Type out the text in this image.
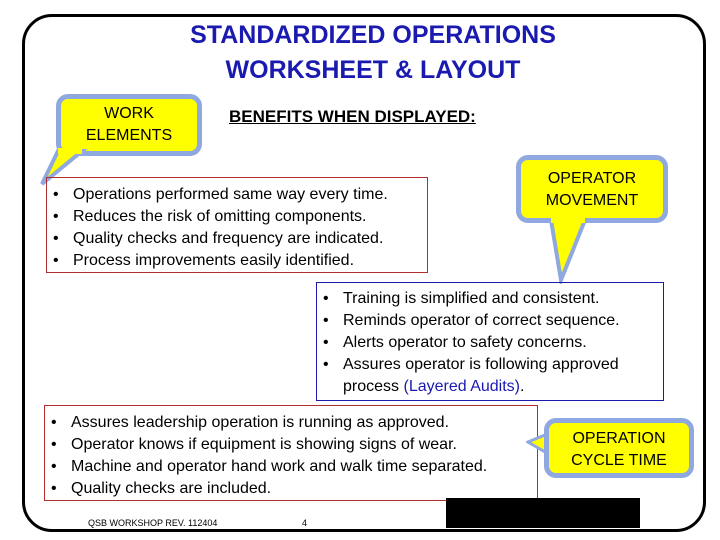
STANDARDIZED OPERATIONS
WORKSHEET & LAYOUT
WORK ELEMENTS
BENEFITS WHEN DISPLAYED:
• Operations performed same way every time.
• Reduces the risk of omitting components.
• Quality checks and frequency are indicated.
• Process improvements easily identified.
OPERATOR MOVEMENT
• Training is simplified and consistent.
• Reminds operator of correct sequence.
• Alerts operator to safety concerns.
• Assures operator is following approved process (Layered Audits).
• Assures leadership operation is running as approved.
• Operator knows if equipment is showing signs of wear.
• Machine and operator hand work and walk time separated.
• Quality checks are included.
OPERATION CYCLE TIME
QSB WORKSHOP REV. 112404	4
